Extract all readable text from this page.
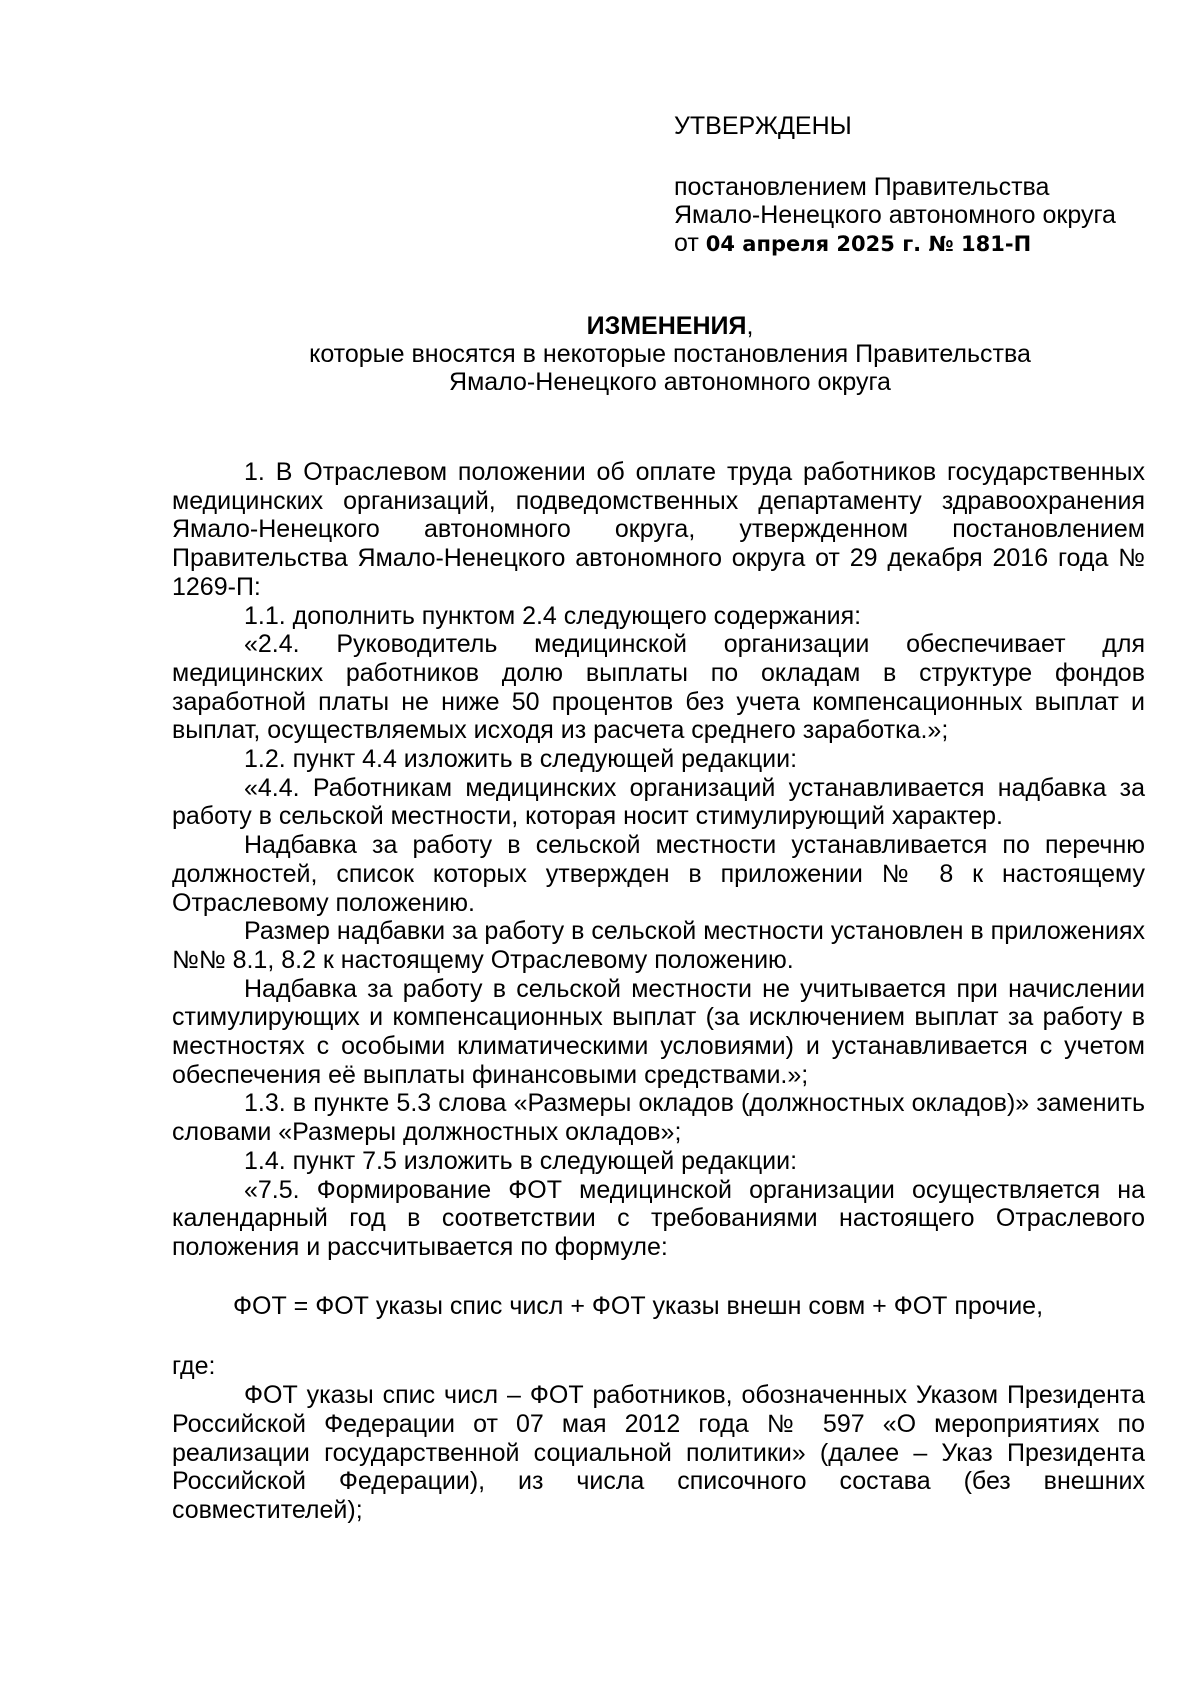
УТВЕРЖДЕНЫ
постановлением Правительства
Ямало-Ненецкого автономного округа
от 04 апреля 2025 г. № 181-П
ИЗМЕНЕНИЯ,
которые вносятся в некоторые постановления Правительства
Ямало-Ненецкого автономного округа

1. В Отраслевом положении об оплате труда работников государственных медицинских организаций, подведомственных департаменту здравоохранения Ямало-Ненецкого автономного округа, утвержденном постановлением Правительства Ямало-Ненецкого автономного округа от 29 декабря 2016 года № 1269-П:

1.1. дополнить пунктом 2.4 следующего содержания:

«2.4. Руководитель медицинской организации обеспечивает для медицинских работников долю выплаты по окладам в структуре фондов заработной платы не ниже 50 процентов без учета компенсационных выплат и выплат, осуществляемых исходя из расчета среднего заработка.»;

1.2. пункт 4.4 изложить в следующей редакции:

«4.4. Работникам медицинских организаций устанавливается надбавка за работу в сельской местности, которая носит стимулирующий характер.

Надбавка за работу в сельской местности устанавливается по перечню должностей, список которых утвержден в приложении № 8 к настоящему Отраслевому положению.

Размер надбавки за работу в сельской местности установлен в приложениях №№ 8.1, 8.2 к настоящему Отраслевому положению.

Надбавка за работу в сельской местности не учитывается при начислении стимулирующих и компенсационных выплат (за исключением выплат за работу в местностях с особыми климатическими условиями) и устанавливается с учетом обеспечения её выплаты финансовыми средствами.»;

1.3. в пункте 5.3 слова «Размеры окладов (должностных окладов)» заменить словами «Размеры должностных окладов»;

1.4. пункт 7.5 изложить в следующей редакции:

«7.5. Формирование ФОТ медицинской организации осуществляется на календарный год в соответствии с требованиями настоящего Отраслевого положения и рассчитывается по формуле:

ФОТ = ФОТ указы спис числ + ФОТ указы внешн совм + ФОТ прочие,

где:

ФОТ указы спис числ – ФОТ работников, обозначенных Указом Президента Российской Федерации от 07 мая 2012 года № 597 «О мероприятиях по реализации государственной социальной политики» (далее – Указ Президента Российской Федерации), из числа списочного состава (без внешних совместителей);
